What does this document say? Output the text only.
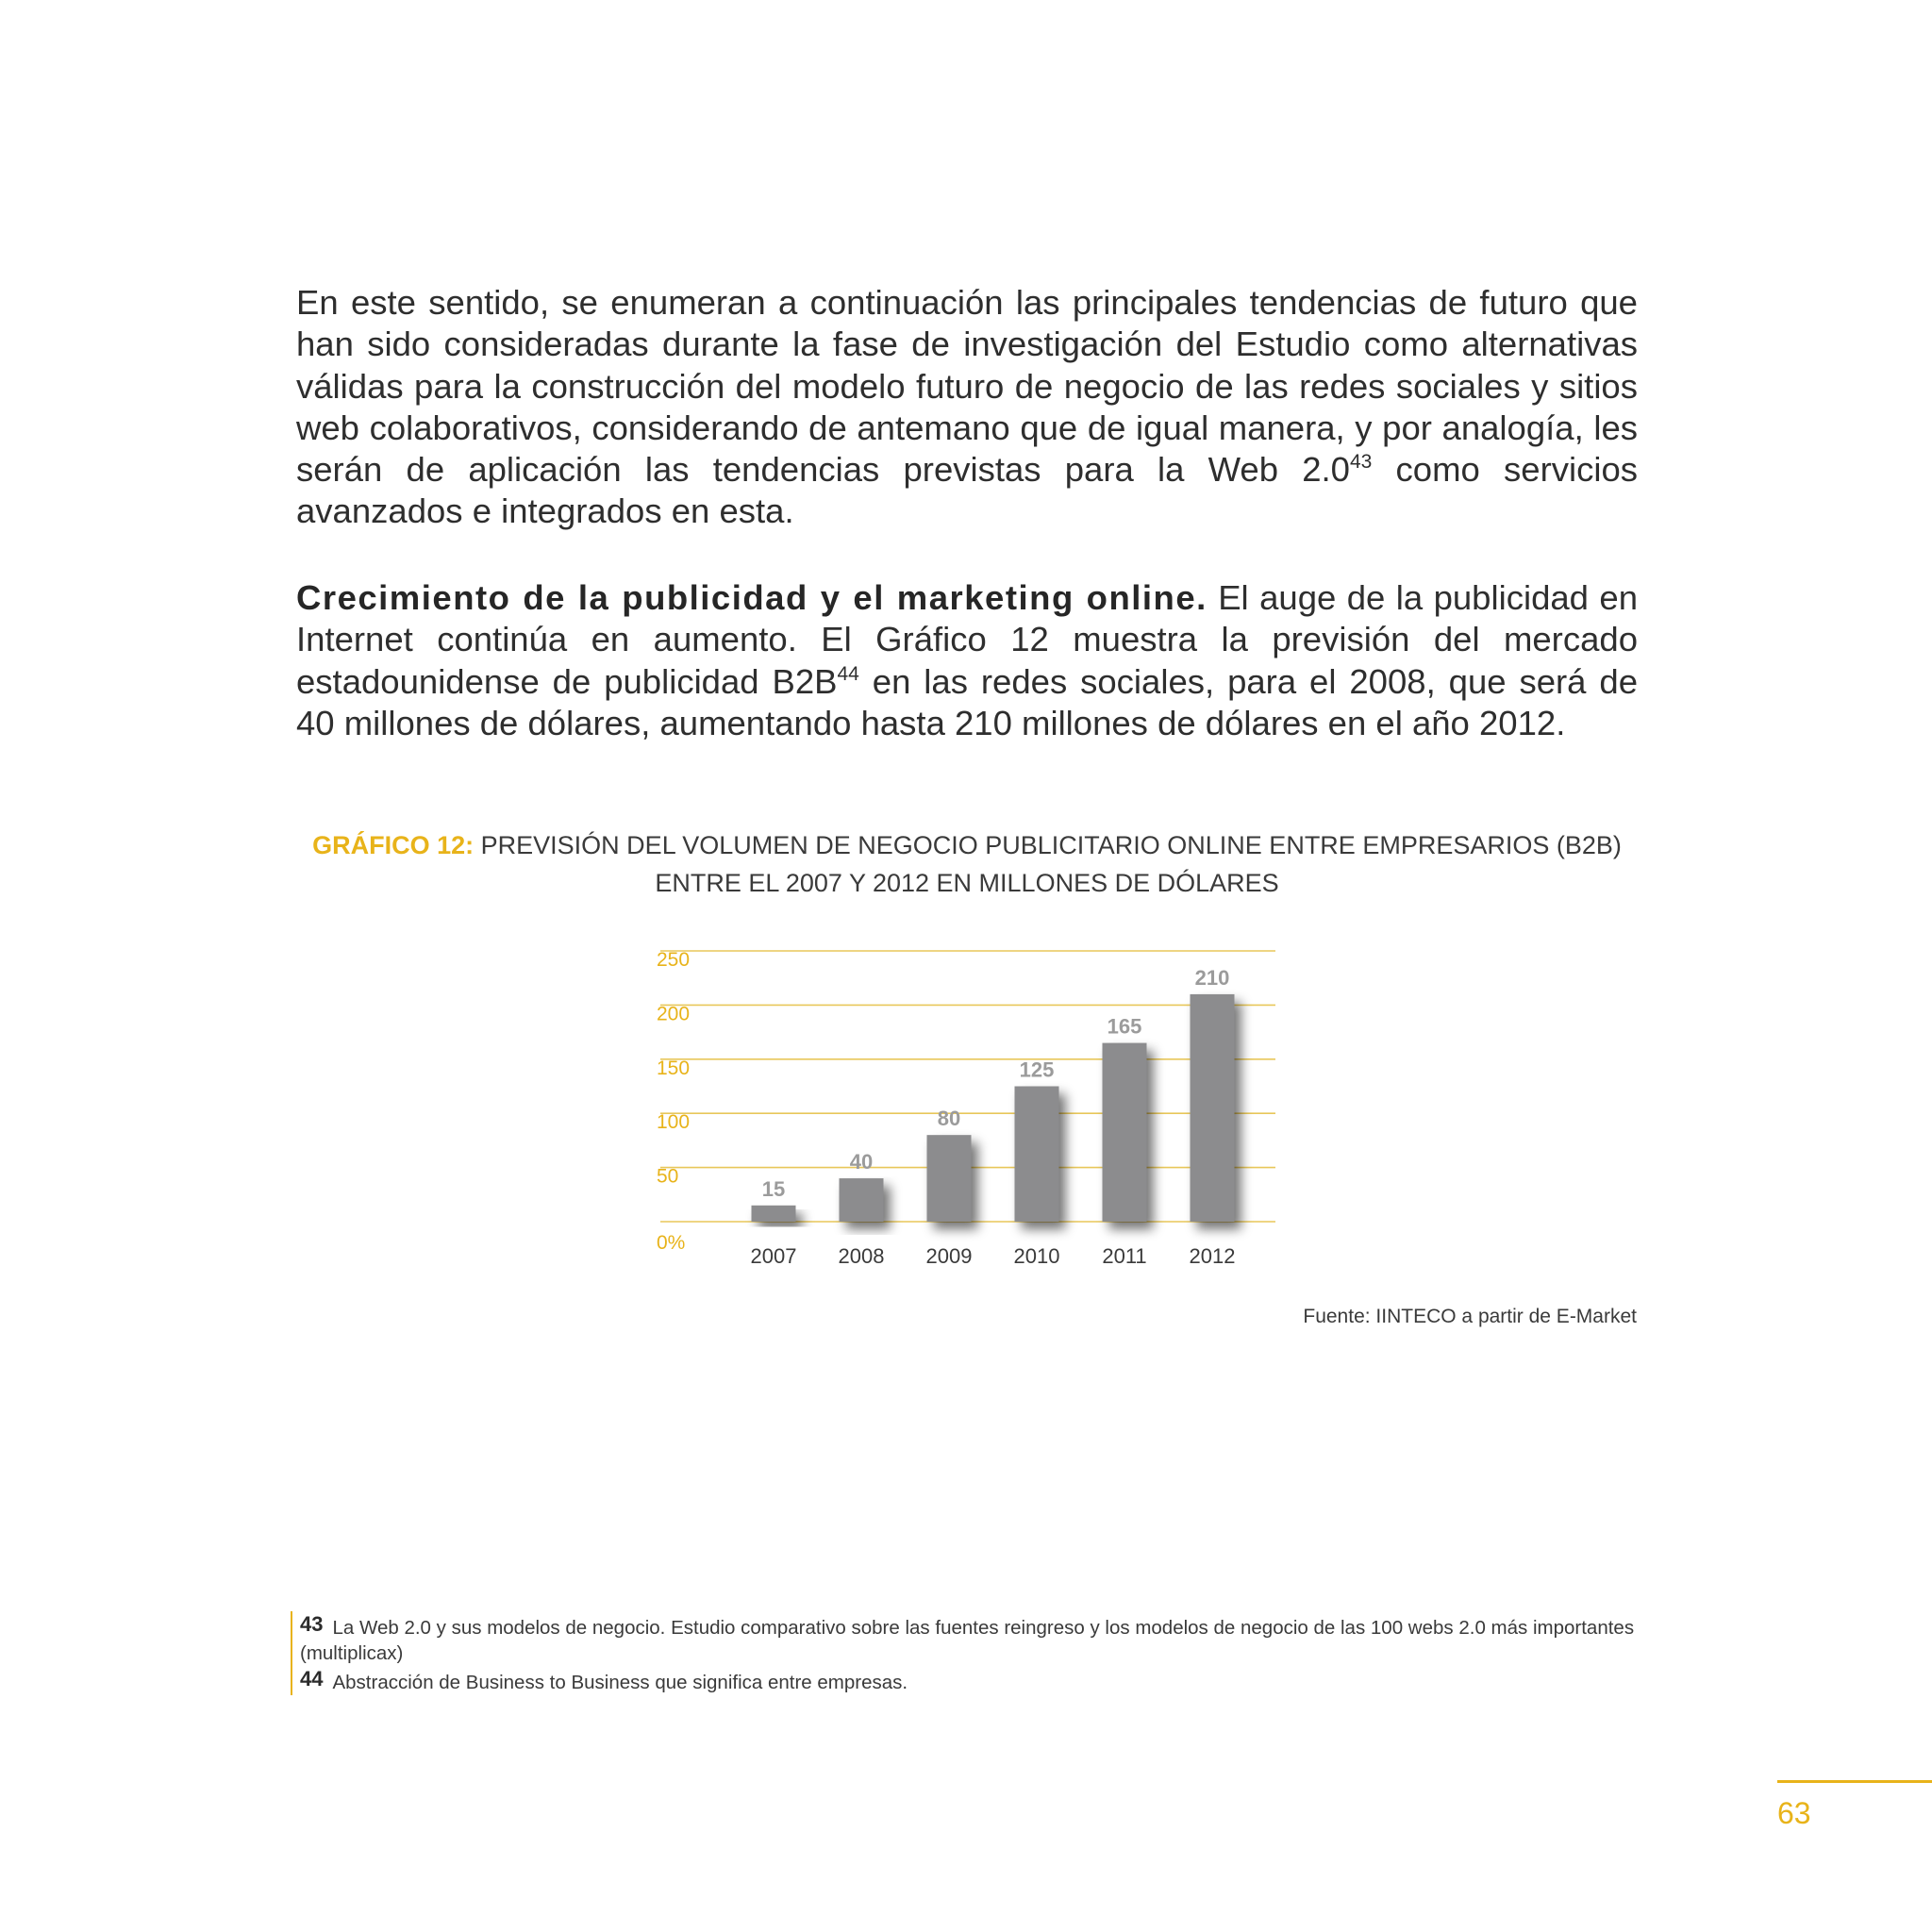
En este sentido, se enumeran a continuación las principales tendencias de futuro que han sido consideradas durante la fase de investigación del Estudio como alternativas válidas para la construcción del modelo futuro de negocio de las redes sociales y sitios web colaborativos, considerando de antemano que de igual manera, y por analogía, les serán de aplicación las tendencias previstas para la Web $2.0^{43}$ como servicios avanzados e integrados en esta.

Crecimiento de la publicidad y el marketing online. El auge de la publicidad en Internet continúa en aumento. El Gráfico 12 muestra la previsión del mercado estadounidense de publicidad $B2B^{44}$ en las redes sociales, para el 2008, que será de 40 millones de dólares, aumentando hasta 210 millones de dólares en el año 2012.

GRÁFICO 12: PREVISIÓN DEL VOLUMEN DE NEGOCIO PUBLICITARIO ONLINE ENTRE EMPRESARIOS (B2B)
ENTRE EL 2007 Y 2012 EN MILLONES DE DÓLARES
0%
50
100
150
200
250
15
40
80
125
165
210
2007 2008 2009 2010 2011 2012

Fuente: IINTECO a partir de E-Market

43 La Web 2.0 y sus modelos de negocio. Estudio comparativo sobre las fuentes reingreso y los modelos de negocio de las 100 webs 2.0 más importantes (multiplicax)

44 Abstracción de Business to Business que significa entre empresas.

63
